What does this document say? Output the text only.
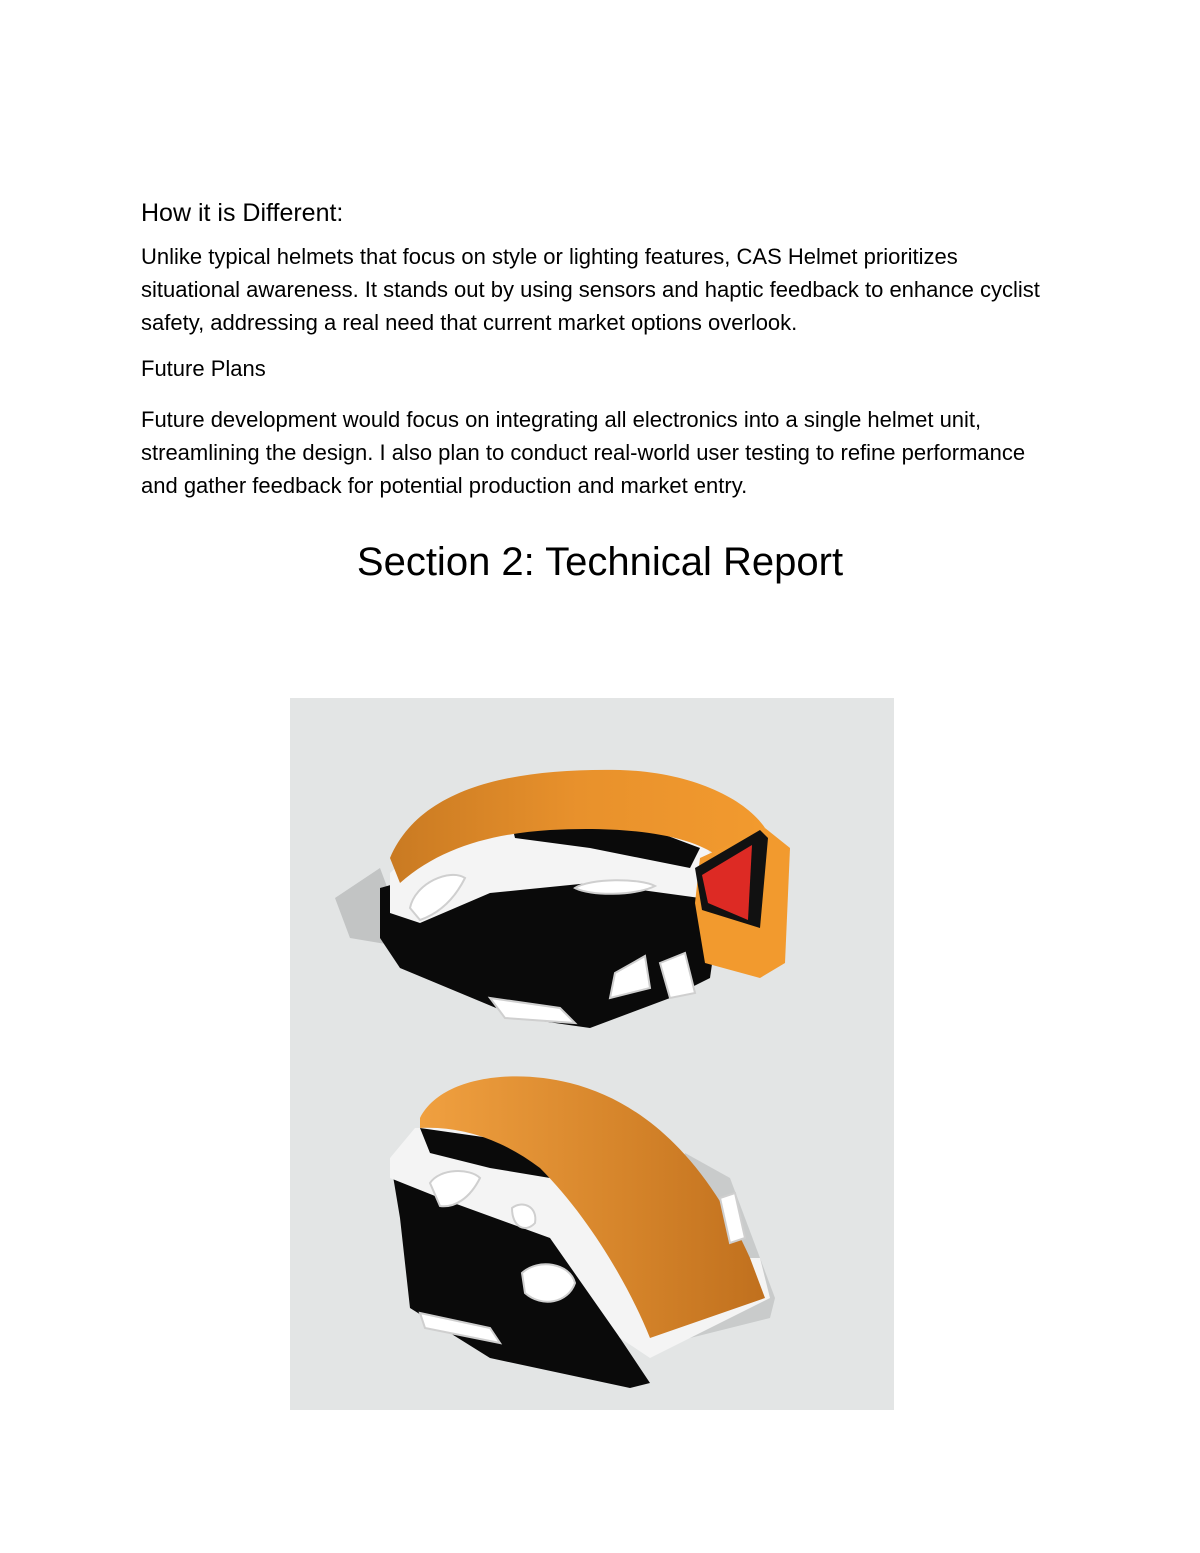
How it is Different:

Unlike typical helmets that focus on style or lighting features, CAS Helmet prioritizes situational awareness. It stands out by using sensors and haptic feedback to enhance cyclist safety, addressing a real need that current market options overlook.

Future Plans

Future development would focus on integrating all electronics into a single helmet unit, streamlining the design. I also plan to conduct real-world user testing to refine performance and gather feedback for potential production and market entry.

Section 2: Technical Report
